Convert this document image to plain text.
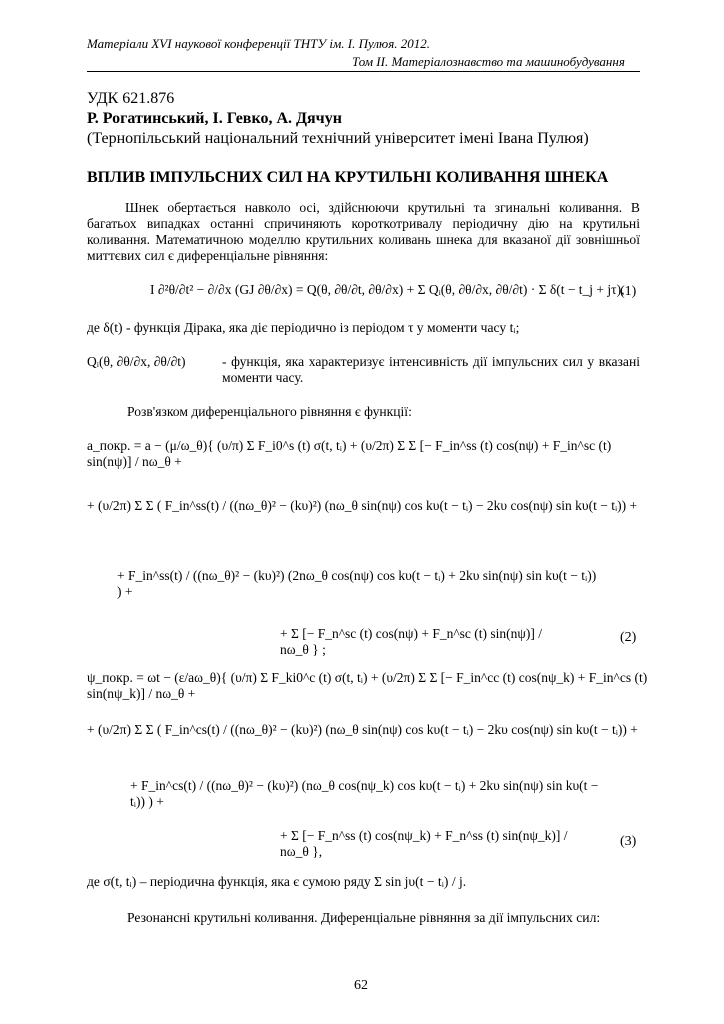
Матеріали XVI наукової конференції ТНТУ ім. І. Пулюя. 2012.
Том II. Матеріалознавство та машинобудування
УДК 621.876
Р. Рогатинський, І. Гевко, А. Дячун
(Тернопільський національний технічний університет імені Івана Пулюя)
ВПЛИВ ІМПУЛЬСНИХ СИЛ НА КРУТИЛЬНІ КОЛИВАННЯ ШНЕКА
Шнек обертається навколо осі, здійснюючи крутильні та згинальні коливання. В багатьох випадках останні спричиняють короткотривалу періодичну дію на крутильні коливання. Математичною моделлю крутильних коливань шнека для вказаної дії зовнішньої миттєвих сил є диференціальне рівняння:
I ∂²θ/∂t² − ∂/∂x (GJ ∂θ/∂x) = Q(θ, ∂θ/∂t, ∂θ/∂x) + Σ Qᵢ(θ, ∂θ/∂x, ∂θ/∂t) · Σ δ(t − t_j + jτ),
(1)
де δ(t) - функція Дірака, яка діє періодично із періодом τ у моменти часу tᵢ;
Qᵢ(θ, ∂θ/∂x, ∂θ/∂t)	- функція, яка характеризує інтенсивність дії імпульсних сил у вказані моменти часу.
Розв'язком диференціального рівняння є функції:
a_покр. = a − (μ/ω_θ){ (υ/π) Σ F_i0^s (t) σ(t, tᵢ) + (υ/2π) Σ Σ [− F_in^ss (t) cos(nψ) + F_in^sc (t) sin(nψ)] / nω_θ +
+ (υ/2π) Σ Σ ( F_in^ss(t) / ((nω_θ)² − (kυ)²) (nω_θ sin(nψ) cos kυ(t − tᵢ) − 2kυ cos(nψ) sin kυ(t − tᵢ)) +
+ F_in^ss(t) / ((nω_θ)² − (kυ)²) (2nω_θ cos(nψ) cos kυ(t − tᵢ) + 2kυ sin(nψ) sin kυ(t − tᵢ)) ) +
+ Σ [− F_n^sc (t) cos(nψ) + F_n^sc (t) sin(nψ)] / nω_θ } ;
(2)
ψ_покр. = ωt − (ε/aω_θ){ (υ/π) Σ F_ki0^c (t) σ(t, tᵢ) + (υ/2π) Σ Σ [− F_in^cc (t) cos(nψ_k) + F_in^cs (t) sin(nψ_k)] / nω_θ +
+ (υ/2π) Σ Σ ( F_in^cs(t) / ((nω_θ)² − (kυ)²) (nω_θ sin(nψ) cos kυ(t − tᵢ) − 2kυ cos(nψ) sin kυ(t − tᵢ)) +
+ F_in^cs(t) / ((nω_θ)² − (kυ)²) (nω_θ cos(nψ_k) cos kυ(t − tᵢ) + 2kυ sin(nψ) sin kυ(t − tᵢ)) ) +
+ Σ [− F_n^ss (t) cos(nψ_k) + F_n^ss (t) sin(nψ_k)] / nω_θ },
(3)
де σ(t, tᵢ) – періодична функція, яка є сумою ряду Σ sin jυ(t − tᵢ) / j.
Резонансні крутильні коливання. Диференціальне рівняння за дії імпульсних сил:
62
